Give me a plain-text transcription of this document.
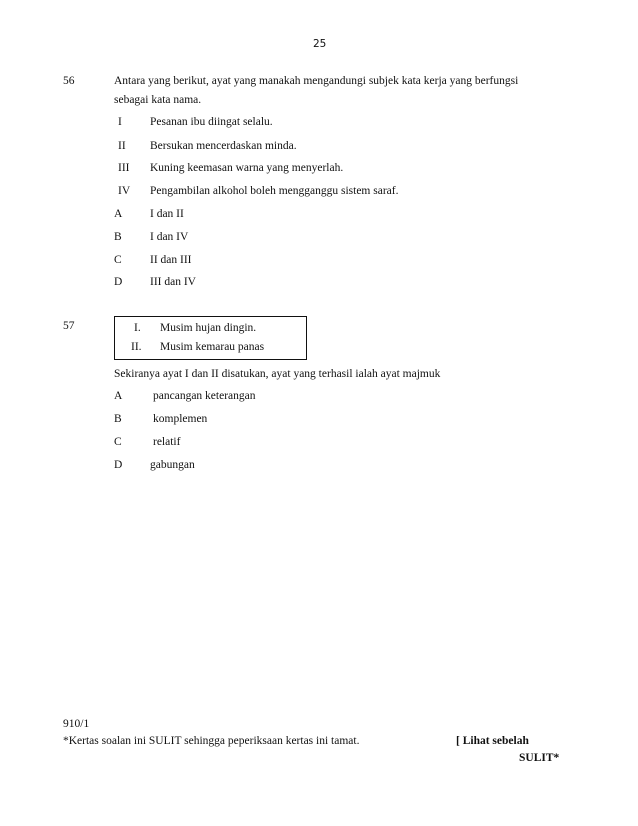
25
56	Antara yang berikut, ayat yang manakah mengandungi subjek kata kerja yang berfungsi
sebagai kata nama.
I Pesanan ibu diingat selalu.
II Bersukan mencerdaskan minda.
III Kuning keemasan warna yang menyerlah.
IV Pengambilan alkohol boleh mengganggu sistem saraf.
A I dan II
B I dan IV
C II dan III
D III dan IV
57	I. Musim hujan dingin.
II. Musim kemarau panas
Sekiranya ayat I dan II disatukan, ayat yang terhasil ialah ayat majmuk
A	pancangan keterangan
B	komplemen
C	relatif
D gabungan
910/1
*Kertas soalan ini SULIT sehingga peperiksaan kertas ini tamat.	[ Lihat sebelah
SULIT*
